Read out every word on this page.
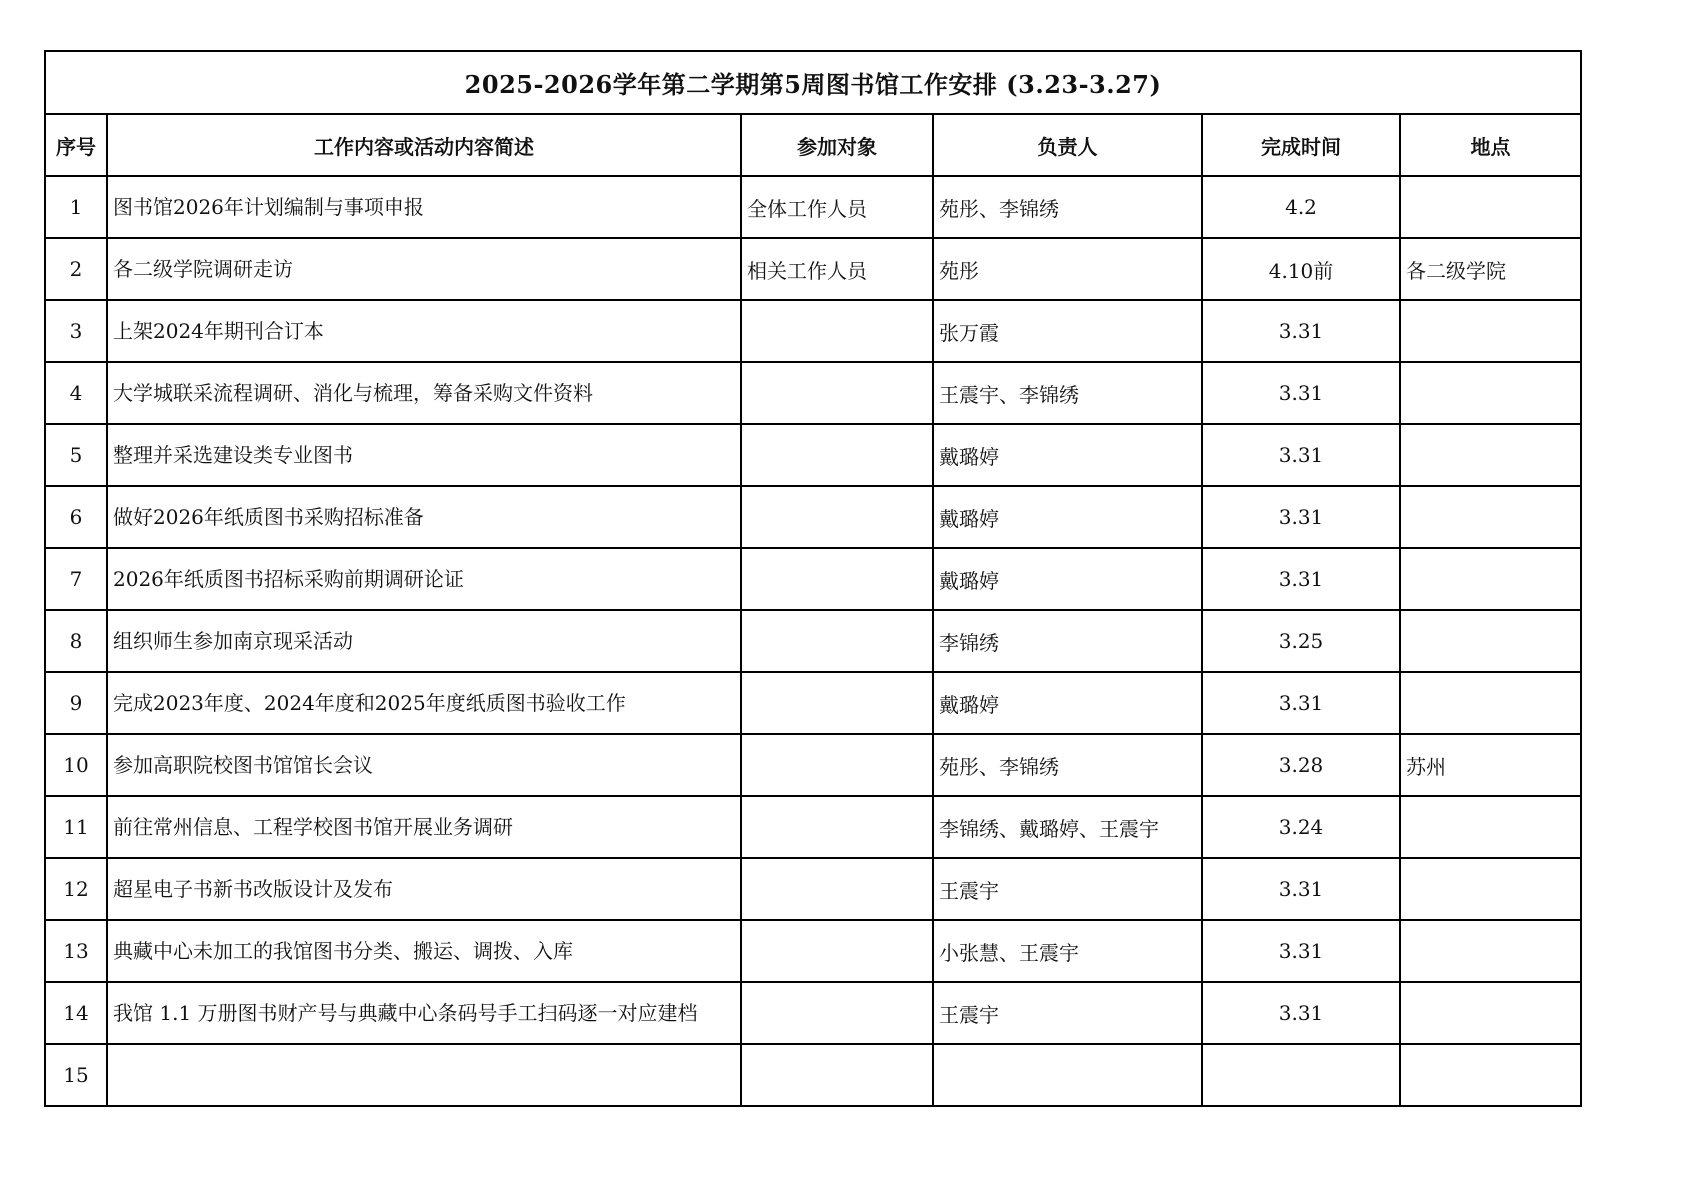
2025-2026学年第二学期第5周图书馆工作安排 (3.23-3.27)					
序号	工作内容或活动内容简述	参加对象	负责人	完成时间	地点
1	图书馆2026年计划编制与事项申报	全体工作人员	苑彤、李锦绣	4.2	
2	各二级学院调研走访	相关工作人员	苑彤	4.10前	各二级学院
3	上架2024年期刊合订本		张万霞	3.31	
4	大学城联采流程调研、消化与梳理，筹备采购文件资料		王震宇、李锦绣	3.31	
5	整理并采选建设类专业图书		戴璐婷	3.31	
6	做好2026年纸质图书采购招标准备		戴璐婷	3.31	
7	2026年纸质图书招标采购前期调研论证		戴璐婷	3.31	
8	组织师生参加南京现采活动		李锦绣	3.25	
9	完成2023年度、2024年度和2025年度纸质图书验收工作		戴璐婷	3.31	
10	参加高职院校图书馆馆长会议		苑彤、李锦绣	3.28	苏州
11	前往常州信息、工程学校图书馆开展业务调研		李锦绣、戴璐婷、王震宇	3.24	
12	超星电子书新书改版设计及发布		王震宇	3.31	
13	典藏中心未加工的我馆图书分类、搬运、调拨、入库		小张慧、王震宇	3.31	
14	我馆 1.1 万册图书财产号与典藏中心条码号手工扫码逐一对应建档		王震宇	3.31	
15					
